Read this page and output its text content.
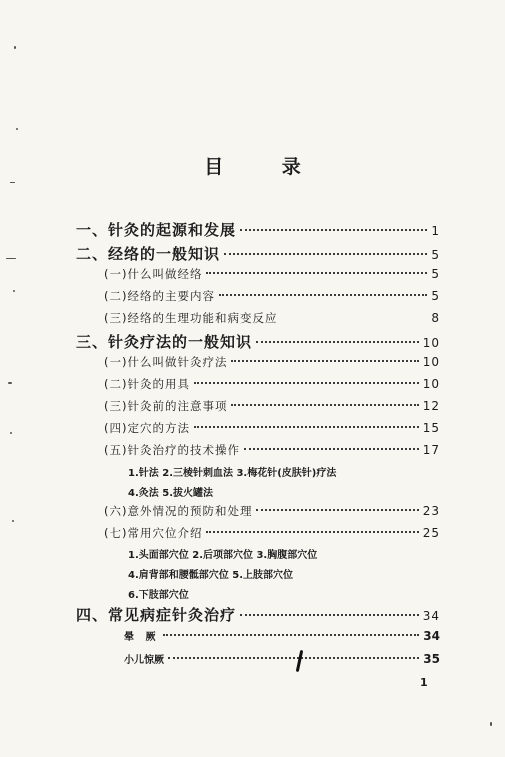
目 录
一、针灸的起源和发展	1
二、经络的一般知识	5
(一)什么叫做经络	5
(二)经络的主要内容	5
(三)经络的生理功能和病变反应	8
三、针灸疗法的一般知识	10
(一)什么叫做针灸疗法	10
(二)针灸的用具	10
(三)针灸前的注意事项	12
(四)定穴的方法	15
(五)针灸治疗的技术操作	17
1.针法 2.三棱针刺血法 3.梅花针(皮肤针)疗法
4.灸法 5.拔火罐法
(六)意外情况的预防和处理	23
(七)常用穴位介绍	25
1.头面部穴位 2.后项部穴位 3.胸腹部穴位
4.肩背部和腰骶部穴位 5.上肢部穴位
6.下肢部穴位
四、常见病症针灸治疗	34
晕 厥	34
小儿惊厥	35
1
